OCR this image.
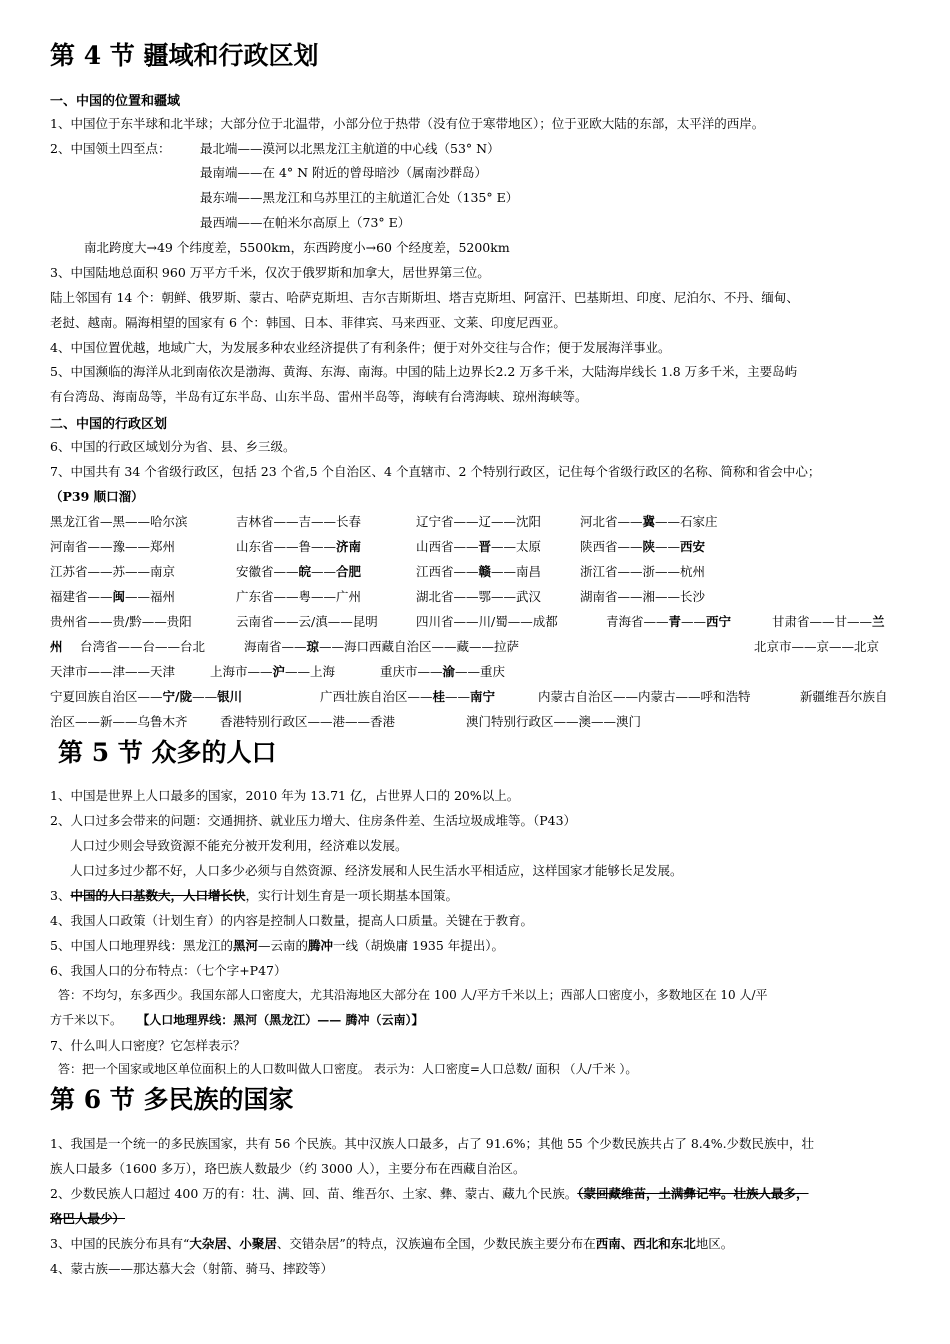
第 4 节 疆域和行政区划
一、中国的位置和疆域
1、中国位于东半球和北半球；大部分位于北温带，小部分位于热带（没有位于寒带地区）；位于亚欧大陆的东部，太平洋的西岸。
2、中国领土四至点： 最北端——漠河以北黑龙江主航道的中心线（53° N）
最南端——在 4° N 附近的曾母暗沙（属南沙群岛）
最东端——黑龙江和乌苏里江的主航道汇合处（135° E）
最西端——在帕米尔高原上（73° E）
南北跨度大→49 个纬度差，5500km，东西跨度小→60 个经度差，5200km
3、中国陆地总面积 960 万平方千米，仅次于俄罗斯和加拿大，居世界第三位。
陆上邻国有 14 个：朝鲜、俄罗斯、蒙古、哈萨克斯坦、吉尔吉斯斯坦、塔吉克斯坦、阿富汗、巴基斯坦、印度、尼泊尔、不丹、缅甸、
老挝、越南。隔海相望的国家有 6 个：韩国、日本、菲律宾、马来西亚、文莱、印度尼西亚。
4、中国位置优越，地域广大，为发展多种农业经济提供了有利条件；便于对外交往与合作；便于发展海洋事业。
5、中国濒临的海洋从北到南依次是渤海、黄海、东海、南海。中国的陆上边界长2.2 万多千米，大陆海岸线长 1.8 万多千米，主要岛屿
有台湾岛、海南岛等，半岛有辽东半岛、山东半岛、雷州半岛等，海峡有台湾海峡、琼州海峡等。
二、中国的行政区划
6、中国的行政区域划分为省、县、乡三级。
7、中国共有 34 个省级行政区，包括 23 个省,5 个自治区、4 个直辖市、2 个特别行政区，记住每个省级行政区的名称、简称和省会中心；
（P39 顺口溜）
黑龙江省—黑——哈尔滨	吉林省——吉——长春	辽宁省——辽——沈阳	河北省——冀——石家庄
河南省——豫——郑州	山东省——鲁——济南	山西省——晋——太原	陕西省——陕——西安
江苏省——苏——南京	安徽省——皖——合肥	江西省——赣——南昌	浙江省——浙——杭州
福建省——闽——福州	广东省——粤——广州	湖北省——鄂——武汉	湖南省——湘——长沙
贵州省——贵/黔——贵阳	云南省——云/滇——昆明	四川省——川/蜀——成都	青海省——青——西宁	甘肃省——甘——兰
州 台湾省——台——台北	海南省——琼——海口西藏自治区——藏——拉萨	北京市——京——北京
天津市——津——天津	上海市——沪——上海	重庆市——渝——重庆
宁夏回族自治区——宁/陇——银川	广西壮族自治区——桂——南宁	内蒙古自治区——内蒙古——呼和浩特	新疆维吾尔族自
治区——新——乌鲁木齐	香港特别行政区——港——香港	澳门特别行政区——澳——澳门
第 5 节 众多的人口
1、中国是世界上人口最多的国家，2010 年为 13.71 亿，占世界人口的 20%以上。
2、人口过多会带来的问题：交通拥挤、就业压力增大、住房条件差、生活垃圾成堆等。（P43）
人口过少则会导致资源不能充分被开发利用，经济难以发展。
人口过多过少都不好，人口多少必须与自然资源、经济发展和人民生活水平相适应，这样国家才能够长足发展。
3、中国的人口基数大，人口增长快，实行计划生育是一项长期基本国策。
4、我国人口政策（计划生育）的内容是控制人口数量，提高人口质量。关键在于教育。
5、中国人口地理界线：黑龙江的黑河—云南的腾冲一线（胡焕庸 1935 年提出）。
6、我国人口的分布特点：（七个字+P47）
答：不均匀，东多西少。我国东部人口密度大，尤其沿海地区大部分在 100 人/平方千米以上；西部人口密度小，多数地区在 10 人/平
方千米以下。 【人口地理界线：黑河（黑龙江）—— 腾冲（云南）】
7、什么叫人口密度？它怎样表示？
答：把一个国家或地区单位面积上的人口数叫做人口密度。 表示为：人口密度=人口总数/ 面积 （人/千米 ）。
第 6 节 多民族的国家
1、我国是一个统一的多民族国家，共有 56 个民族。其中汉族人口最多，占了 91.6%；其他 55 个少数民族共占了 8.4%.少数民族中，壮
族人口最多（1600 多万），珞巴族人数最少（约 3000 人），主要分布在西藏自治区。
2、少数民族人口超过 400 万的有：壮、满、回、苗、维吾尔、土家、彝、蒙古、藏九个民族。（蒙回藏维苗，土满彝记牢。壮族人最多，
珞巴人最少）
3、中国的民族分布具有“大杂居、小聚居、交错杂居”的特点，汉族遍布全国，少数民族主要分布在西南、西北和东北地区。
4、蒙古族——那达慕大会（射箭、骑马、摔跤等）
